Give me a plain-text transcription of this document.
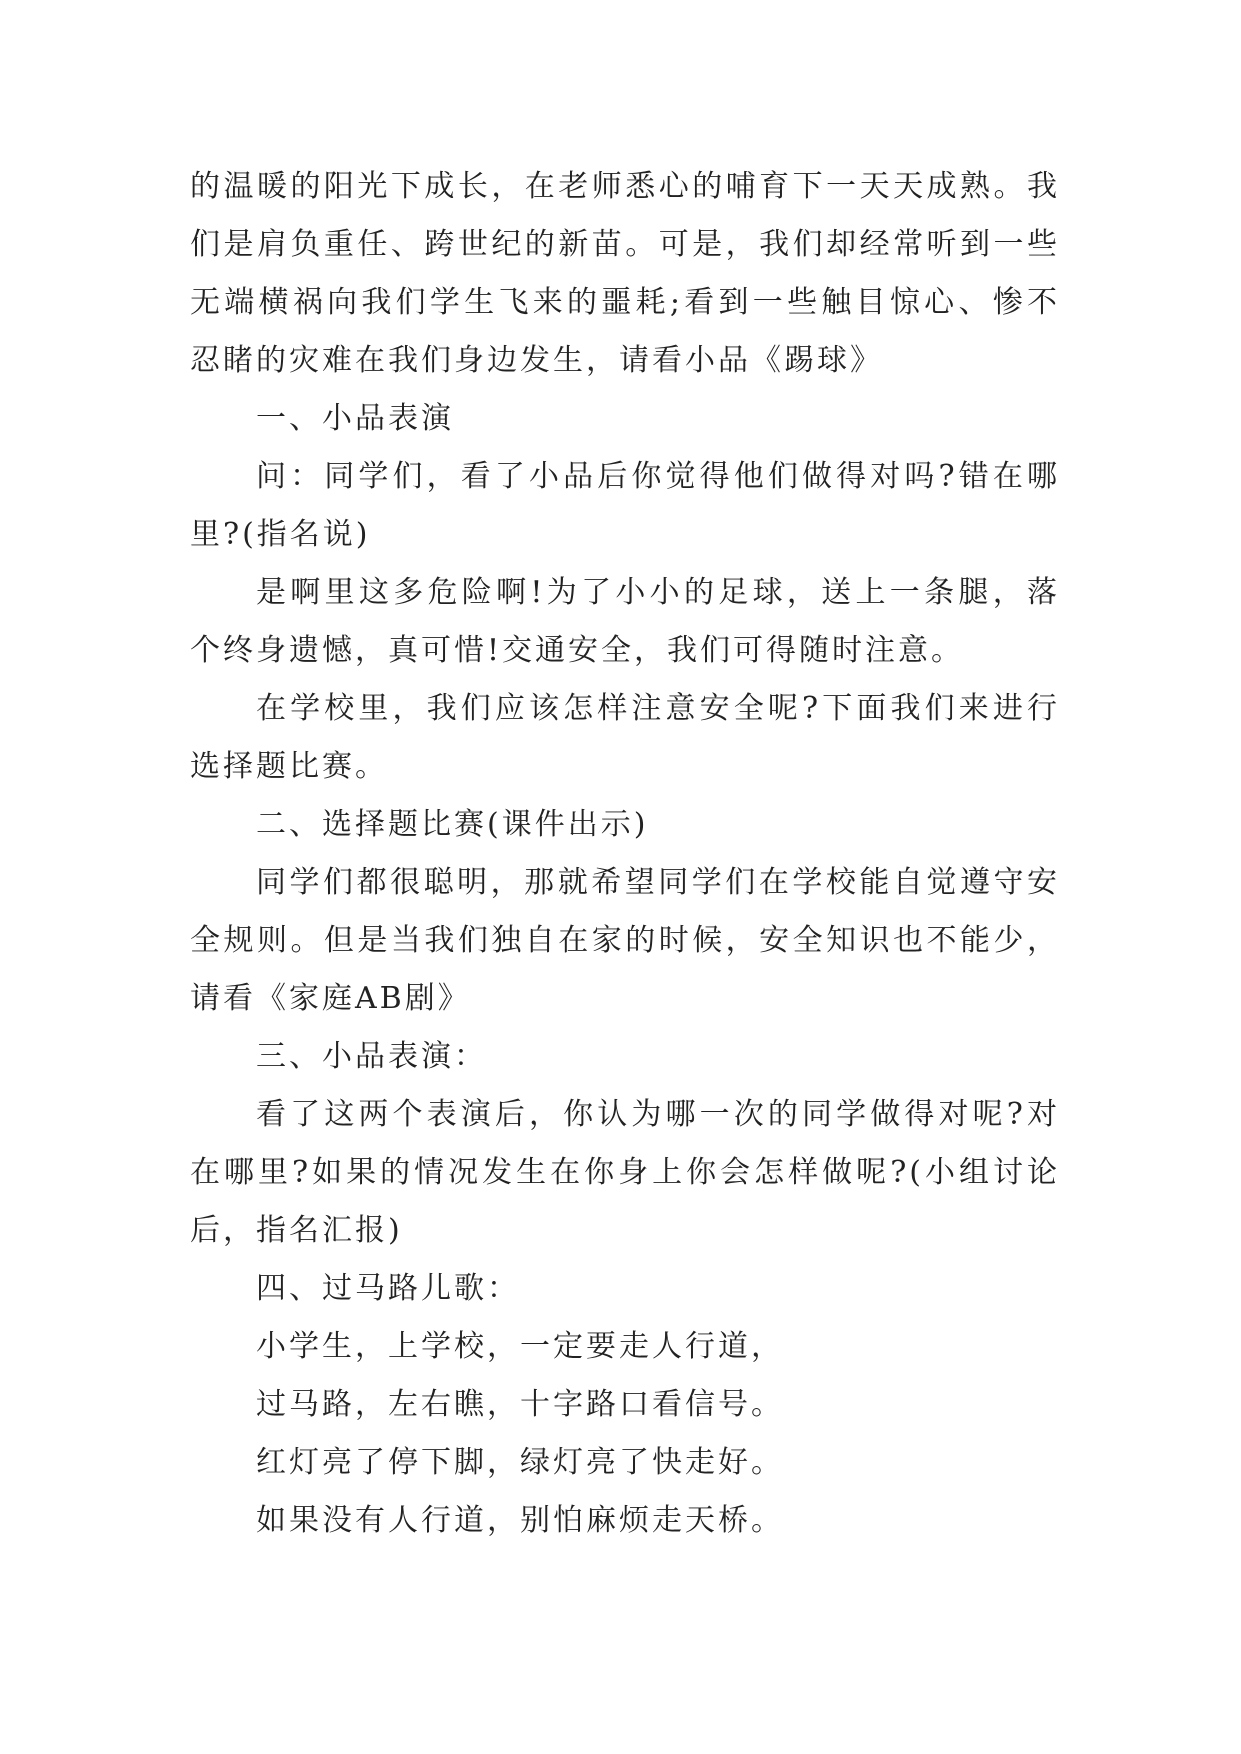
的温暖的阳光下成长，在老师悉心的哺育下一天天成熟。我们是肩负重任、跨世纪的新苗。可是，我们却经常听到一些无端横祸向我们学生飞来的噩耗;看到一些触目惊心、惨不忍睹的灾难在我们身边发生，请看小品《踢球》

一、小品表演

问：同学们，看了小品后你觉得他们做得对吗?错在哪里?(指名说)

是啊里这多危险啊!为了小小的足球，送上一条腿，落个终身遗憾，真可惜!交通安全，我们可得随时注意。

在学校里，我们应该怎样注意安全呢?下面我们来进行选择题比赛。

二、选择题比赛(课件出示)

同学们都很聪明，那就希望同学们在学校能自觉遵守安全规则。但是当我们独自在家的时候，安全知识也不能少，请看《家庭AB剧》

三、小品表演：

看了这两个表演后，你认为哪一次的同学做得对呢?对在哪里?如果的情况发生在你身上你会怎样做呢?(小组讨论后，指名汇报)

四、过马路儿歌：

小学生，上学校，一定要走人行道，

过马路，左右瞧，十字路口看信号。

红灯亮了停下脚，绿灯亮了快走好。

如果没有人行道，别怕麻烦走天桥。
